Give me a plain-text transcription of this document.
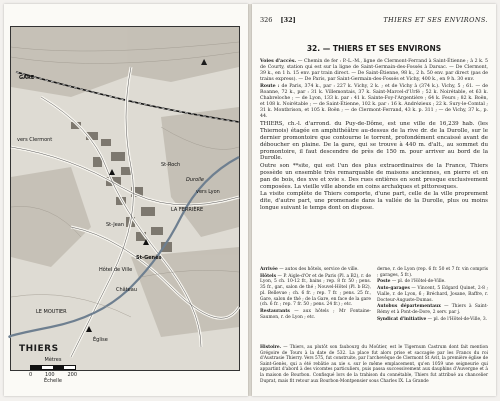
GARE
St-Roch
St-Jean
St-Genès
LA FERRIÈRE
LE MOUTIER
Hôtel de Ville
Église
Château
Durolle
vers Clermont
vers Lyon
▲
THIERS
Mètres
0	100	200
Échelle
326 [32]	THIERS ET SES ENVIRONS.
32. — THIERS ET SES ENVIRONS

Voies d'accès. — Chemin de fer : P.-L.-M., ligne de Clermont-Ferrand à Saint-Étienne ; à 2 k. 5 de Courty, station qui est sur la ligne de Saint-Germain-des-Fossés à Darsac. — De Clermont, 39 k., en 1 h. 15 env. par train direct. — De Saint-Étienne, 98 k., 2 h. 50 env. par direct (pas de trains express). — De Paris, par Saint-Germain-des-Fossés et Vichy, 400 k., en 9 h. 30 env.

Route : de Paris, 374 k., par : 227 k. Vichy, 2 k. ; et de Vichy à (374 k.). Vichy, 5 ; 61. — de Roanne, 72 k., par : 31 k. Villemontais, 37 k. Saint-Marcel-d'Urfé ; 52 k. Noirétable, et 63 k. Chabreloche ; — de Lyon, 133 k. par : 41 k. Sainte-Foy-l'Argentière ; 64 k. Feurs ; 82 k. Boën, et 108 k. Noirétable ; — de Saint-Étienne, 102 k. par : 16 k. Andrézieux ; 22 k. Sury-le-Comtal ; 31 k. Montbrison, et 105 k. Boën ; — de Clermont-Ferrand, 43 k. p. 311 ; — de Vichy, 37 k., p. 44.

THIERS, ch.-l. d'arrond. du Puy-de-Dôme, est une ville de 16,239 hab. (les Thiernois) étagée en amphithéâtre au-dessus de la rive dr. de la Durolle, sur le dernier promontoire que contourne le torrent, profondément encaissé avant de déboucher en plaine. De la gare, qui se trouve à 440 m. d'alt., au sommet du promontoire, il faut descendre de près de 150 m. pour arriver au bord de la Durolle.

Outre son **site, qui est l'un des plus extraordinaires de la France, Thiers possède un ensemble très remarquable de maisons anciennes, en pierre et en pan de bois, des xve et xvie s. Des rues entières en sont presque exclusivement composées. La vieille ville abonde en coins archaïques et pittoresques.

La visite complète de Thiers comporte, d'une part, celle de la ville proprement dite, d'autre part, une promenade dans la vallée de la Durolle, plus ou moins longue suivant le temps dont on dispose.

Arrivée — autos des hôtels, service de ville.

Hôtels — P. Aigle-d'Or et de Paris (Pl. a B2), r. de Lyon, 5 ch. 10-12 fr., bains ; rep. 8 fr. 50 ; pens. 35 fr., gar., salon de thé ; Nouvel-Hôtel (Pl. b B2), pl. Bellevue ; ch. 6 fr. ; rep. 7 fr. ; pens. 25 fr., Gare, salon de thé ; de la Gare, en face de la gare (ch. 6 fr. ; rep. 7 fr. 50 ; pens. 24 fr.) ; etc.

Restaurants — aux hôtels ; Mr Fontaine-Saumon, r. de Lyon ; etc.

derne, r. de Lyon (rep. 6 fr. 50 et 7 fr. vin compris ; garages, 5 fr.).

Poste — pl. de l'Hôtel-de-Ville.

Auto-garages — Vincent, 5 Edgard Quinet, 2-8 ; Vialle, r. de Lyon, 6 ; Bréchard, Josane, Baffre, r. Docteur-Auguste-Dumas.

Autobus départementaux — Thiers à Saint-Rémy et à Pont-de-Dore, 2 serv. par j.

Syndicat d'initiative — pl. de l'Hôtel-de-Ville, 3.

Histoire. — Thiers, au plutôt son faubourg du Moûtier, est le Tigernum Castrum dont fait mention Grégoire de Tours à la date de 532. La place fut alors prise et saccagée par les Francs du roi d'Austrasie Thierry. Vers 575, fut construite, par l'archevêque de Clermont St Avit, la première église de Saint-Genès, qui a été rebâtie au xie s. sur le même emplacement, qu'en 1059 une seigneurie qui appartint d'abord à des vicomtes particuliers, puis passa successivement aux dauphins d'Auvergne et à la maison de Bourbon. Confisqué lors de la trahison du connétable, Thiers fut attribué au chancelier Duprat, mais fit retour aux Bourbon-Montpensier sous Charles IX. La Grande
